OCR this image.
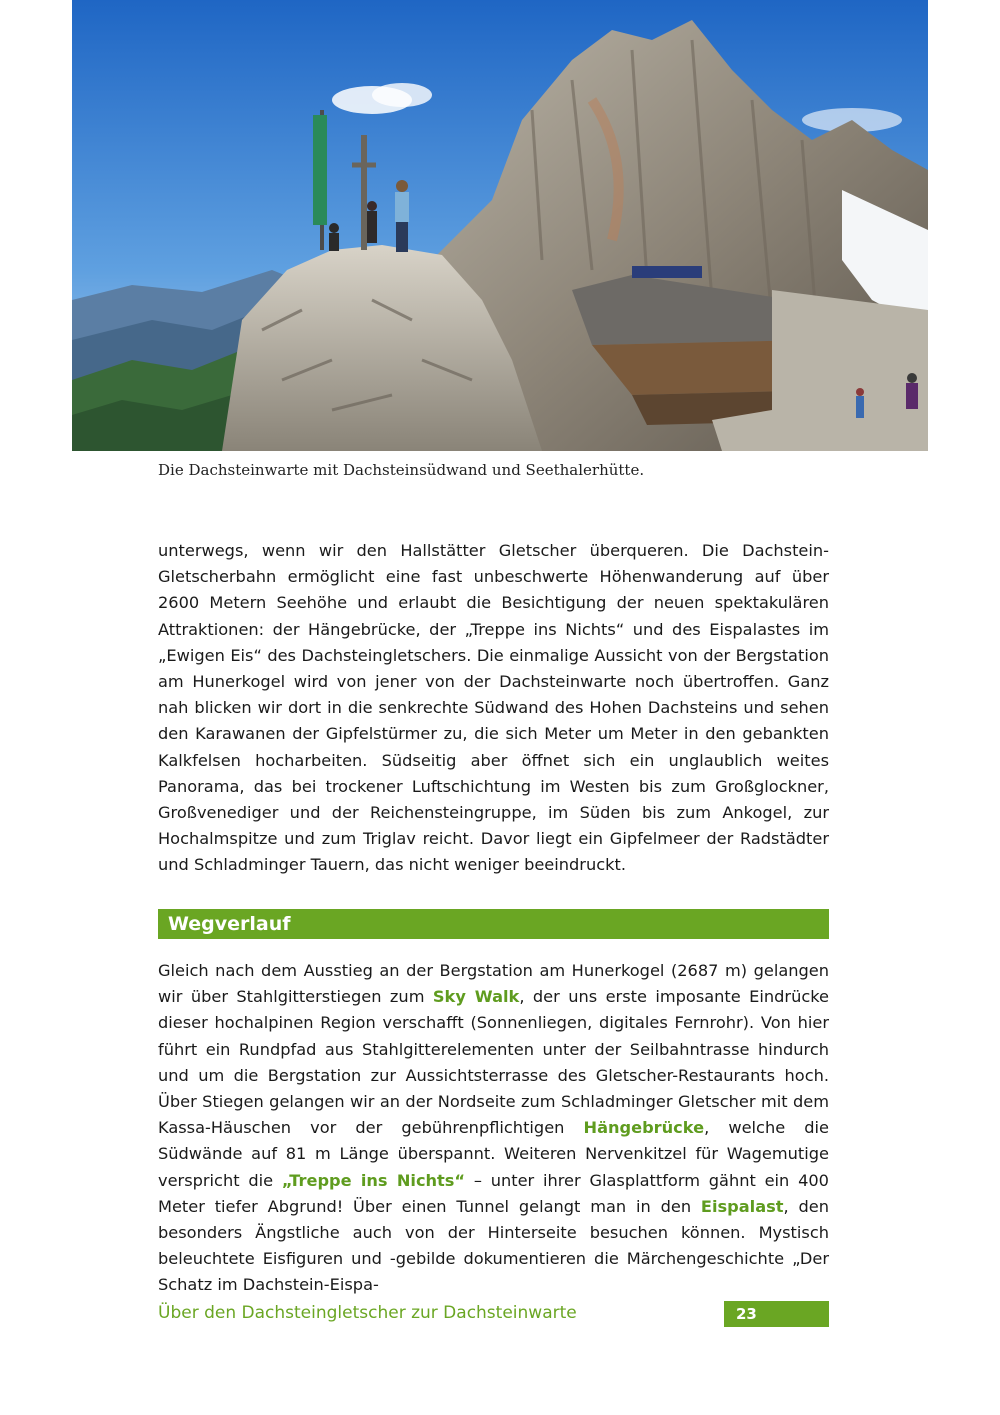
Die Dachsteinwarte mit Dachsteinsüdwand und Seethalerhütte.

unterwegs, wenn wir den Hallstätter Gletscher überqueren. Die Dachstein-Gletscherbahn ermöglicht eine fast unbeschwerte Höhenwanderung auf über 2600 Metern Seehöhe und erlaubt die Besichtigung der neuen spektakulären Attraktionen: der Hängebrücke, der „Treppe ins Nichts“ und des Eispalastes im „Ewigen Eis“ des Dachsteingletschers. Die einmalige Aussicht von der Bergstation am Hunerkogel wird von jener von der Dachsteinwarte noch übertroffen. Ganz nah blicken wir dort in die senkrechte Südwand des Hohen Dachsteins und sehen den Karawanen der Gipfelstürmer zu, die sich Meter um Meter in den gebankten Kalkfelsen hocharbeiten. Südseitig aber öffnet sich ein unglaublich weites Panorama, das bei trockener Luftschichtung im Westen bis zum Großglockner, Großvenediger und der Reichensteingruppe, im Süden bis zum Ankogel, zur Hochalmspitze und zum Triglav reicht. Davor liegt ein Gipfelmeer der Radstädter und Schladminger Tauern, das nicht weniger beeindruckt.

Wegverlauf

Gleich nach dem Ausstieg an der Bergstation am Hunerkogel (2687 m) gelangen wir über Stahlgitterstiegen zum Sky Walk, der uns erste imposante Eindrücke dieser hochalpinen Region verschafft (Sonnenliegen, digitales Fernrohr). Von hier führt ein Rundpfad aus Stahlgitterelementen unter der Seilbahntrasse hindurch und um die Bergstation zur Aussichtsterrasse des Gletscher-Restaurants hoch. Über Stiegen gelangen wir an der Nordseite zum Schladminger Gletscher mit dem Kassa-Häuschen vor der gebührenpflichtigen Hängebrücke, welche die Südwände auf 81 m Länge überspannt. Weiteren Nervenkitzel für Wagemutige verspricht die „Treppe ins Nichts“ – unter ihrer Glasplattform gähnt ein 400 Meter tiefer Abgrund! Über einen Tunnel gelangt man in den Eispalast, den besonders Ängstliche auch von der Hinterseite besuchen können. Mystisch beleuchtete Eisfiguren und -gebilde dokumentieren die Märchengeschichte „Der Schatz im Dachstein-Eispa-

Über den Dachsteingletscher zur Dachsteinwarte	23
